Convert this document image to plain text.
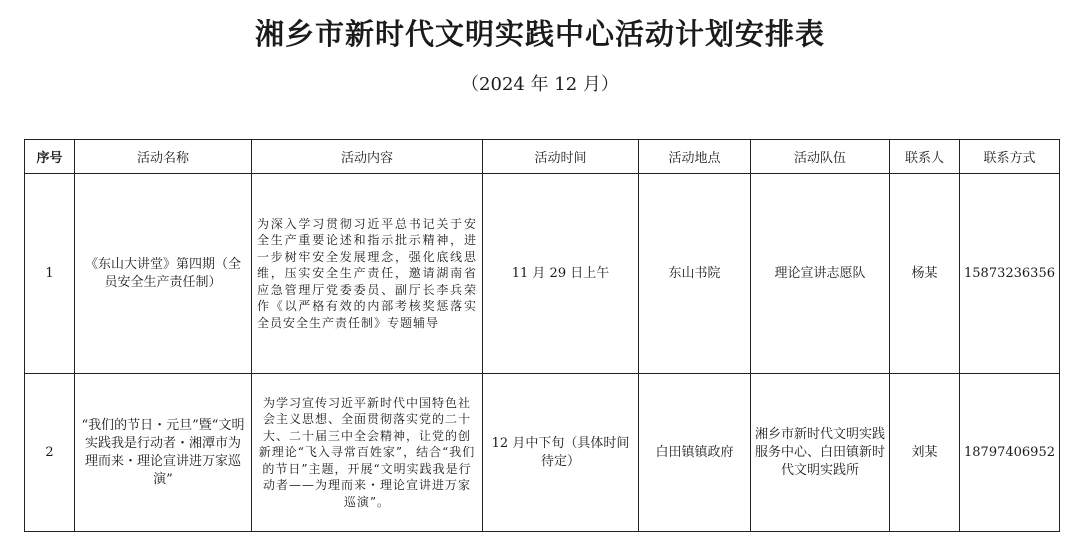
湘乡市新时代文明实践中心活动计划安排表
（2024 年 12 月）
序号	活动名称	活动内容	活动时间	活动地点	活动队伍	联系人	联系方式
1	《东山大讲堂》第四期（全员安全生产责任制）	为深入学习贯彻习近平总书记关于安全生产重要论述和指示批示精神，进一步树牢安全发展理念，强化底线思维，压实安全生产责任，邀请湖南省应急管理厅党委委员、副厅长李兵荣作《以严格有效的内部考核奖惩落实全员安全生产责任制》专题辅导	11 月 29 日上午	东山书院	理论宣讲志愿队	杨某	15873236356
2	“我们的节日・元旦”暨“文明实践我是行动者・湘潭市为理而来・理论宣讲进万家巡演”	为学习宣传习近平新时代中国特色社会主义思想、全面贯彻落实党的二十大、二十届三中全会精神，让党的创新理论“飞入寻常百姓家”，结合“我们的节日”主题，开展“文明实践我是行动者——为理而来・理论宣讲进万家巡演”。	12 月中下旬（具体时间待定）	白田镇镇政府	湘乡市新时代文明实践服务中心、白田镇新时代文明实践所	刘某	18797406952
